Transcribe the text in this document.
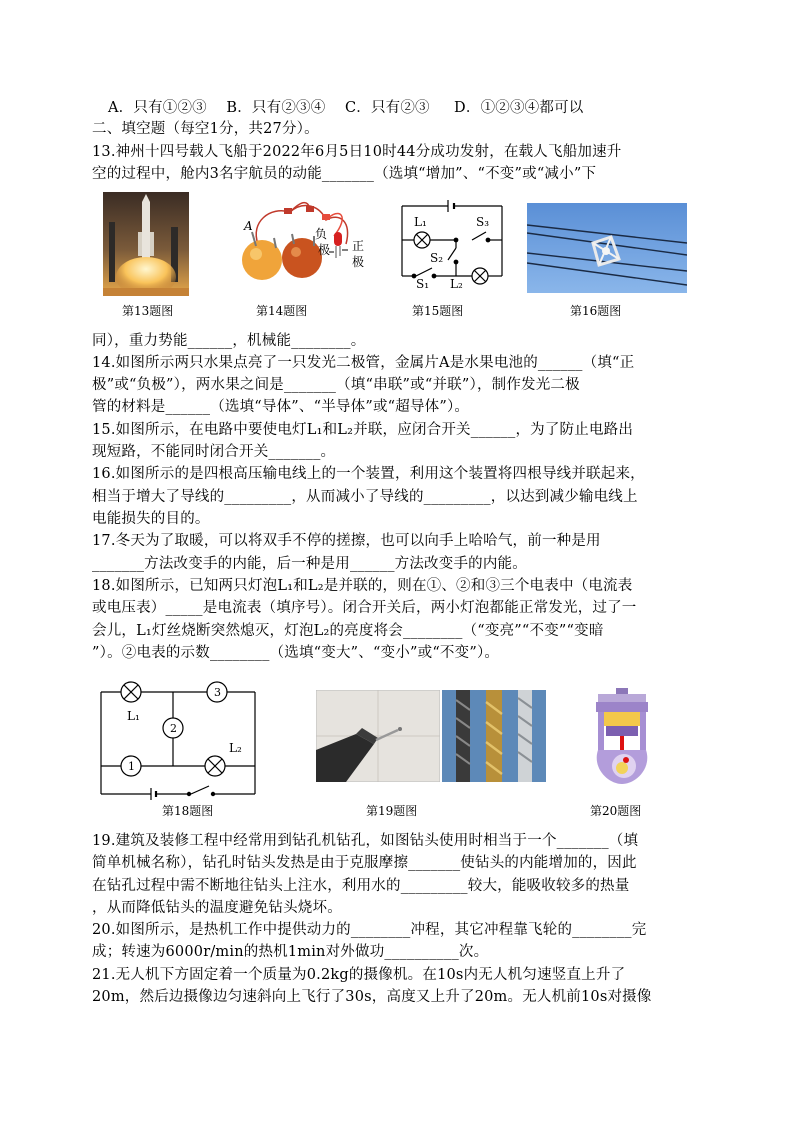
A．只有①②③　 B．只有②③④　 C．只有②③ 　 D．①②③④都可以
二、填空题（每空1分，共27分）。
13.神州十四号载人飞船于2022年6月5日10时44分成功发射，在载人飞船加速升
空的过程中，舱内3名宇航员的动能_______（选填“增加”、“不变”或“减小”下
第13题图
A
负
极 正
极
第14题图
L₁	S₃
S₂
S₁ L₂
第15题图	第16题图
同），重力势能______，机械能________。
14.如图所示两只水果点亮了一只发光二极管，金属片A是水果电池的______（填“正
极”或“负极”），两水果之间是_______（填“串联”或“并联”），制作发光二极
管的材料是______（选填“导体”、“半导体”或“超导体”）。
15.如图所示，在电路中要使电灯L₁和L₂并联，应闭合开关______，为了防止电路出
现短路，不能同时闭合开关_______。
16.如图所示的是四根高压输电线上的一个装置，利用这个装置将四根导线并联起来，
相当于增大了导线的_________，从而减小了导线的_________，以达到减少输电线上
电能损失的目的。
17.冬天为了取暖，可以将双手不停的搓擦，也可以向手上哈哈气，前一种是用
_______方法改变手的内能，后一种是用______方法改变手的内能。
18.如图所示，已知两只灯泡L₁和L₂是并联的，则在①、②和③三个电表中（电流表
或电压表）_____是电流表（填序号）。闭合开关后，两小灯泡都能正常发光，过了一
会儿，L₁灯丝烧断突然熄灭，灯泡L₂的亮度将会________（“变亮”“不变”“变暗
”）。②电表的示数________（选填“变大”、“变小”或“不变”）。
3
2
1
L₁
L₂
第18题图	第19题图	第20题图
19.建筑及装修工程中经常用到钻孔机钻孔，如图钻头使用时相当于一个_______（填
简单机械名称），钻孔时钻头发热是由于克服摩擦_______使钻头的内能增加的，因此
在钻孔过程中需不断地往钻头上注水，利用水的_________较大，能吸收较多的热量
，从而降低钻头的温度避免钻头烧坏。
20.如图所示，是热机工作中提供动力的________冲程，其它冲程靠飞轮的________完
成；转速为6000r/min的热机1min对外做功__________次。
21.无人机下方固定着一个质量为0.2kg的摄像机。在10s内无人机匀速竖直上升了
20m，然后边摄像边匀速斜向上飞行了30s，高度又上升了20m。无人机前10s对摄像
